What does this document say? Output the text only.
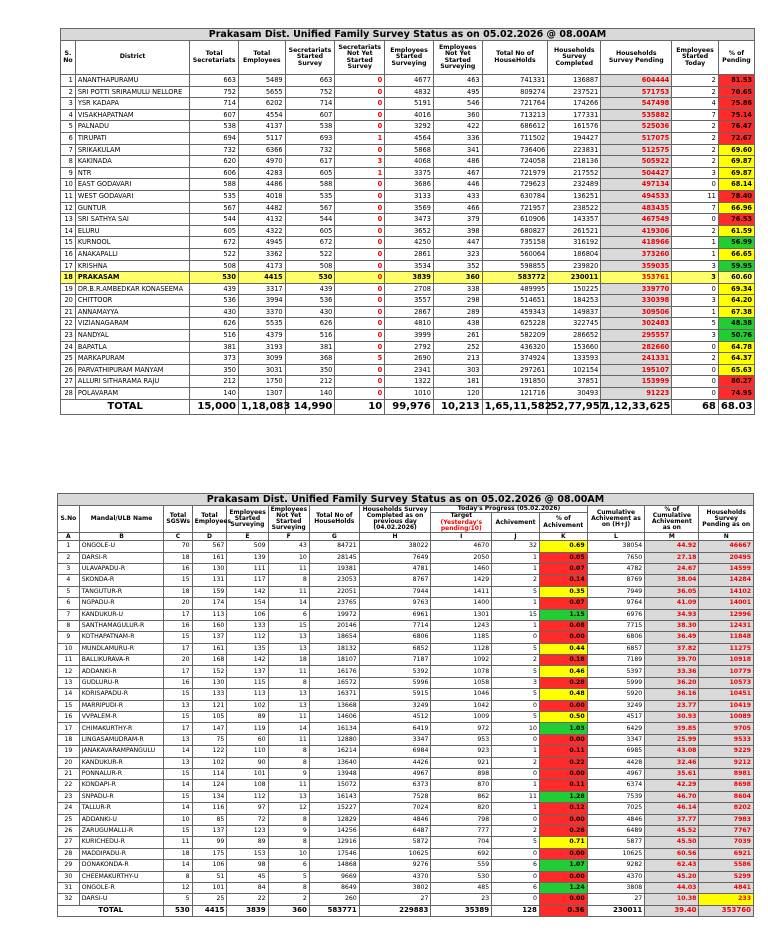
Prakasam Dist. Unified Family Survey Status as on 05.02.2026 @ 08.00AM												
S. No	District	Total Secretariats	Total Employees	Secretariats Started Survey	Secretariats Not Yet Started Survey	Employees Started Surveying	Employees Not Yet Started Surveying	Total No of HouseHolds	Households Survey Completed	Households Survey Pending	Employees Started Today	% of Pending
1	ANANTHAPURAMU	663	5489	663	0	4677	463	741331	136887	604444	2	81.53
2	SRI POTTI SRIRAMULU NELLORE	752	5655	752	0	4832	495	809274	237521	571753	2	70.65
3	YSR KADAPA	714	6202	714	0	5191	546	721764	174266	547498	4	75.86
4	VISAKHAPATNAM	607	4554	607	0	4016	360	713213	177331	535882	7	75.14
5	PALNADU	538	4137	538	0	3292	422	686612	161576	525036	2	76.47
6	TIRUPATI	694	5117	693	1	4564	336	711502	194427	517075	2	72.67
7	SRIKAKULAM	732	6366	732	0	5868	341	736406	223831	512575	2	69.60
8	KAKINADA	620	4970	617	3	4068	486	724058	218136	505922	2	69.87
9	NTR	606	4283	605	1	3375	467	721979	217552	504427	3	69.87
10	EAST GODAVARI	588	4486	588	0	3686	446	729623	232489	497134	0	68.14
11	WEST GODAVARI	535	4018	535	0	3133	433	630784	136251	494533	11	78.40
12	GUNTUR	567	4482	567	0	3569	466	721957	238522	483435	7	66.96
13	SRI SATHYA SAI	544	4132	544	0	3473	379	610906	143357	467549	0	76.53
14	ELURU	605	4322	605	0	3652	398	680827	261521	419306	2	61.59
15	KURNOOL	672	4945	672	0	4250	447	735158	316192	418966	1	56.99
16	ANAKAPALLI	522	3362	522	0	2861	323	560064	186804	373260	1	66.65
17	KRISHNA	508	4173	508	0	3534	352	598855	239820	359035	3	59.95
18	PRAKASAM	530	4415	530	0	3839	360	583772	230011	353761	3	60.60
19	DR.B.R.AMBEDKAR KONASEEMA	439	3317	439	0	2708	338	489995	150225	339770	0	69.34
20	CHITTOOR	536	3994	536	0	3557	298	514651	184253	330398	3	64.20
21	ANNAMAYYA	430	3370	430	0	2867	289	459343	149837	309506	1	67.38
22	VIZIANAGARAM	626	5535	626	0	4810	438	625228	322745	302483	5	48.38
23	NANDYAL	516	4379	516	0	3999	261	582209	286652	295557	3	50.76
24	BAPATLA	381	3193	381	0	2792	252	436320	153660	282660	0	64.78
25	MARKAPURAM	373	3099	368	5	2690	213	374924	133593	241331	2	64.37
26	PARVATHIPURAM MANYAM	350	3031	350	0	2341	303	297261	102154	195107	0	65.63
27	ALLURI SITHARAMA RAJU	212	1750	212	0	1322	181	191850	37851	153999	0	80.27
28	POLAVARAM	140	1307	140	0	1010	120	121716	30493	91223	0	74.95
TOTAL		15,000	1,18,083	14,990	10	99,976	10,213	1,65,11,582	52,77,957	1,12,33,625	68	68.03
Prakasam Dist. Unified Family Survey Status as on 05.02.2026 @ 08.00AM													
S.No	Mandal/ULB Name	Total SGSWs	Total Employees	Employees Started Surveying	Employees Not Yet Started Surveying	Total No of HouseHolds	Households Survey Completed as on previous day (04.02.2026)	Today's Progress (05.02.2026)			Cumulative Achivement as on (H+J)	% of Cumulative Achivement as on	Households Survey Pending as on
								Target
(Yesterday's pending/10)	Achivement	% of Achivement			
A	B	C	D	E	F	G	H	I	J	K	L	M	N
1	ONGOLE-U	70	567	509	43	84721	38022	4670	32	0.69	38054	44.92	46667
2	DARSI-R	18	161	139	10	28145	7649	2050	1	0.05	7650	27.18	20495
3	ULAVAPADU-R	16	130	111	11	19381	4781	1460	1	0.07	4782	24.67	14599
4	SKONDA-R	15	131	117	8	23053	8767	1429	2	0.14	8769	38.04	14284
5	TANGUTUR-R	18	159	142	11	22051	7944	1411	5	0.35	7949	36.05	14102
6	NGPADU-R	20	174	154	14	23765	9763	1400	1	0.07	9764	41.09	14001
7	KANDUKUR-U	17	113	106	6	19972	6961	1301	15	1.15	6976	34.93	12996
8	SANTHAMAGULUR-R	16	160	133	15	20146	7714	1243	1	0.08	7715	38.30	12431
9	KOTHAPATNAM-R	15	137	112	13	18654	6806	1185	0	0.00	6806	36.49	11848
10	MUNDLAMURU-R	17	161	135	13	18132	6852	1128	5	0.44	6857	37.82	11275
11	BALLIKURAVA-R	20	168	142	18	18107	7187	1092	2	0.18	7189	39.70	10918
12	ADDANKI-R	17	152	137	11	16176	5392	1078	5	0.46	5397	33.36	10779
13	GUDLURU-R	16	130	115	8	16572	5996	1058	3	0.28	5999	36.20	10573
14	KORISAPADU-R	15	133	113	13	16371	5915	1046	5	0.48	5920	36.16	10451
15	MARRIPUDI-R	13	121	102	13	13668	3249	1042	0	0.00	3249	23.77	10419
16	VVPALEM-R	15	105	89	11	14606	4512	1009	5	0.50	4517	30.93	10089
17	CHIMAKURTHY-R	17	147	119	14	16134	6419	972	10	1.03	6429	39.85	9705
18	LINGASAMUDRAM-R	13	75	60	11	12880	3347	953	0	0.00	3347	25.99	9533
19	JANAKAVARAMPANGULU	14	122	110	8	16214	6984	923	1	0.11	6985	43.08	9229
20	KANDUKUR-R	13	102	90	8	13640	4426	921	2	0.22	4428	32.46	9212
21	PONNALUR-R	15	114	101	9	13948	4967	898	0	0.00	4967	35.61	8981
22	KONDAPI-R	14	124	108	11	15072	6373	870	1	0.11	6374	42.29	8698
23	SNPADU-R	15	134	112	13	16143	7528	862	11	1.28	7539	46.70	8604
24	TALLUR-R	14	116	97	12	15227	7024	820	1	0.12	7025	46.14	8202
25	ADDANKI-U	10	85	72	8	12829	4846	798	0	0.00	4846	37.77	7983
26	ZARUGUMALLI-R	15	137	123	9	14256	6487	777	2	0.26	6489	45.52	7767
27	KURICHEDU-R	11	99	89	8	12916	5872	704	5	0.71	5877	45.50	7039
28	MADDIPADU-R	18	175	153	10	17546	10625	692	0	0.00	10625	60.56	6921
29	DONAKONDA-R	14	106	98	6	14868	9276	559	6	1.07	9282	62.43	5586
30	CHEEMAKURTHY-U	8	51	45	5	9669	4370	530	0	0.00	4370	45.20	5299
31	ONGOLE-R	12	101	84	8	8649	3802	485	6	1.24	3808	44.03	4841
32	DARSI-U	5	25	22	2	260	27	23	0	0.00	27	10.38	233
TOTAL		530	4415	3839	360	583771	229883	35389	128	0.36	230011	39.40	353760
